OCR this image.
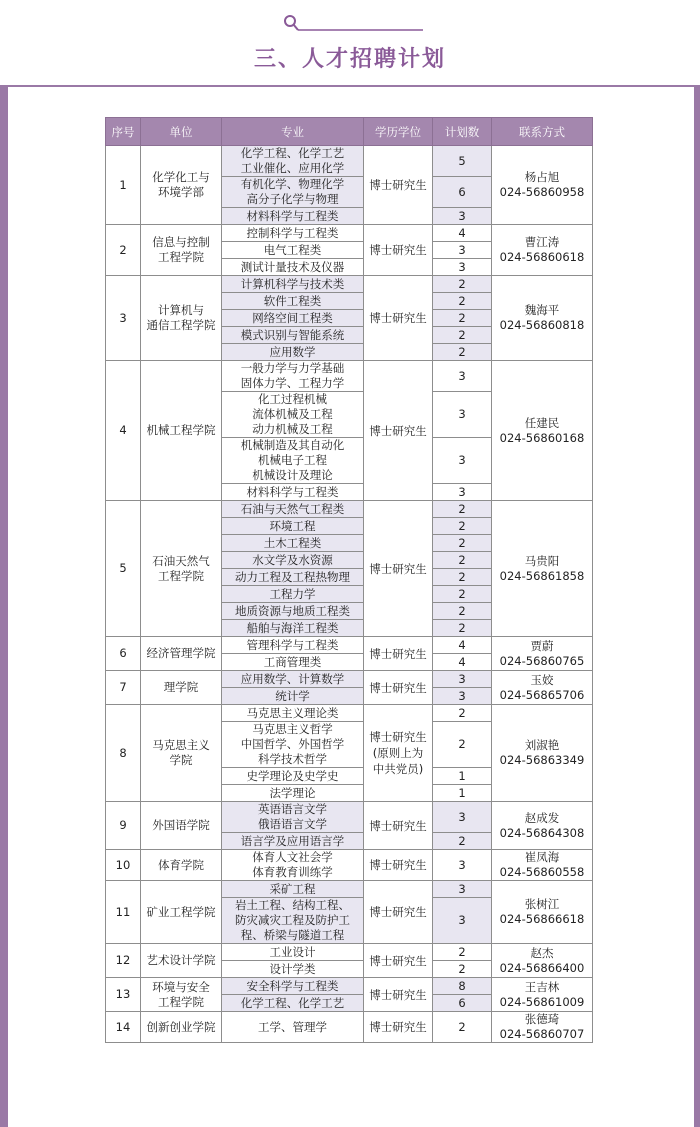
三、人才招聘计划
序号	单位	专业	学历学位	计划数	联系方式
1	化学化工与
环境学部	化学工程、化学工艺
工业催化、应用化学	博士研究生	5	杨占旭
024-56860958
		有机化学、物理化学
高分子化学与物理		6	
		材料科学与工程类		3	
2	信息与控制
工程学院	控制科学与工程类	博士研究生	4	曹江涛
024-56860618
		电气工程类		3	
		测试计量技术及仪器		3	
3	计算机与
通信工程学院	计算机科学与技术类	博士研究生	2	魏海平
024-56860818
		软件工程类		2	
		网络空间工程类		2	
		模式识别与智能系统		2	
		应用数学		2	
4	机械工程学院	一般力学与力学基础
固体力学、工程力学	博士研究生	3	任建民
024-56860168
		化工过程机械
流体机械及工程
动力机械及工程		3	
		机械制造及其自动化
机械电子工程
机械设计及理论		3	
		材料科学与工程类		3	
5	石油天然气
工程学院	石油与天然气工程类	博士研究生	2	马贵阳
024-56861858
		环境工程		2	
		土木工程类		2	
		水文学及水资源		2	
		动力工程及工程热物理		2	
		工程力学		2	
		地质资源与地质工程类		2	
		船舶与海洋工程类		2	
6	经济管理学院	管理科学与工程类	博士研究生	4	贾蔚
024-56860765
		工商管理类		4	
7	理学院	应用数学、计算数学	博士研究生	3	玉姣
024-56865706
		统计学		3	
8	马克思主义
学院	马克思主义理论类	博士研究生
(原则上为
中共党员)	2	刘淑艳
024-56863349
		马克思主义哲学
中国哲学、外国哲学
科学技术哲学		2	
		史学理论及史学史		1	
		法学理论		1	
9	外国语学院	英语语言文学
俄语语言文学	博士研究生	3	赵成发
024-56864308
		语言学及应用语言学		2	
10	体育学院	体育人文社会学
体育教育训练学	博士研究生	3	崔凤海
024-56860558
11	矿业工程学院	采矿工程	博士研究生	3	张树江
024-56866618
		岩土工程、结构工程、
防灾减灾工程及防护工
程、桥梁与隧道工程		3	
12	艺术设计学院	工业设计	博士研究生	2	赵杰
024-56866400
		设计学类		2	
13	环境与安全
工程学院	安全科学与工程类	博士研究生	8	王吉林
024-56861009
		化学工程、化学工艺		6	
14	创新创业学院	工学、管理学	博士研究生	2	张德琦
024-56860707
